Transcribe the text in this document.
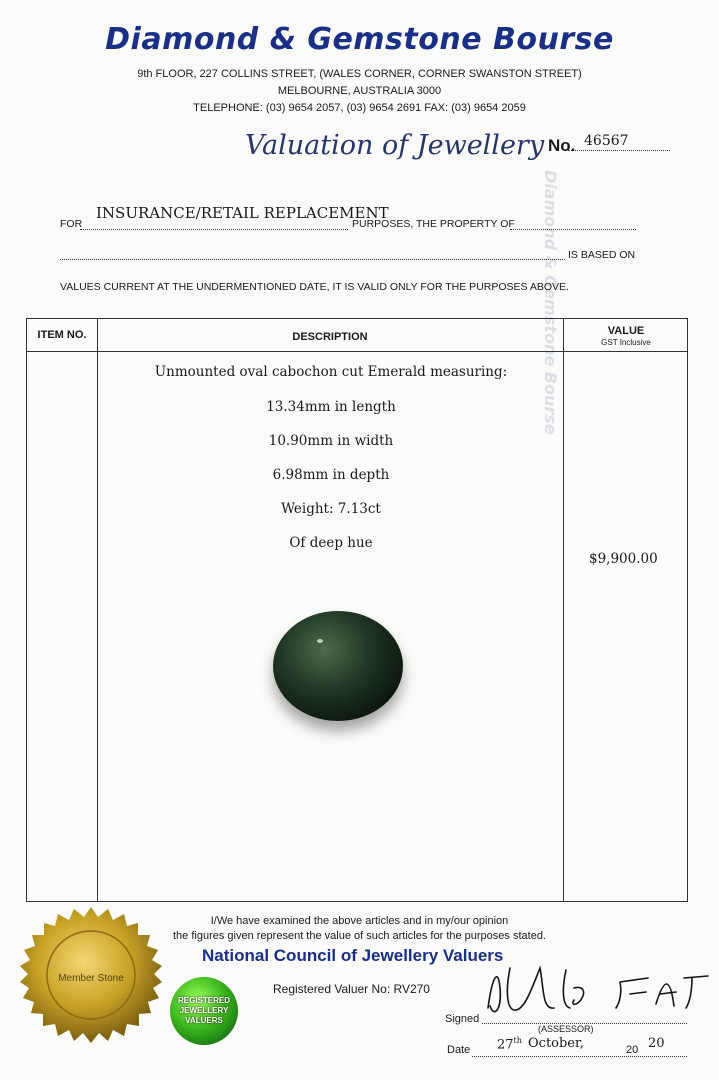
Diamond & Gemstone Bourse
Diamond & Gemstone Bourse
9th FLOOR, 227 COLLINS STREET, (WALES CORNER, CORNER SWANSTON STREET)
MELBOURNE, AUSTRALIA 3000
TELEPHONE: (03) 9654 2057, (03) 9654 2691 FAX: (03) 9654 2059
Valuation of Jewellery No. 46567
FOR
INSURANCE/RETAIL REPLACEMENT
PURPOSES, THE PROPERTY OF
IS BASED ON
VALUES CURRENT AT THE UNDERMENTIONED DATE, IT IS VALID ONLY FOR THE PURPOSES ABOVE.
ITEM NO.	DESCRIPTION	VALUE
GST Inclusive
Unmounted oval cabochon cut Emerald measuring:
13.34mm in length
10.90mm in width
6.98mm in depth
Weight: 7.13ct
Of deep hue
$9,900.00
I/We have examined the above articles and in my/our opinion
the figures given represent the value of such articles for the purposes stated.
National Council of Jewellery Valuers
Registered Valuer No: RV270
Member Stone
REGISTERED JEWELLERY VALUERS	Signed
(ASSESSOR)
Date 27th October,	20 20
